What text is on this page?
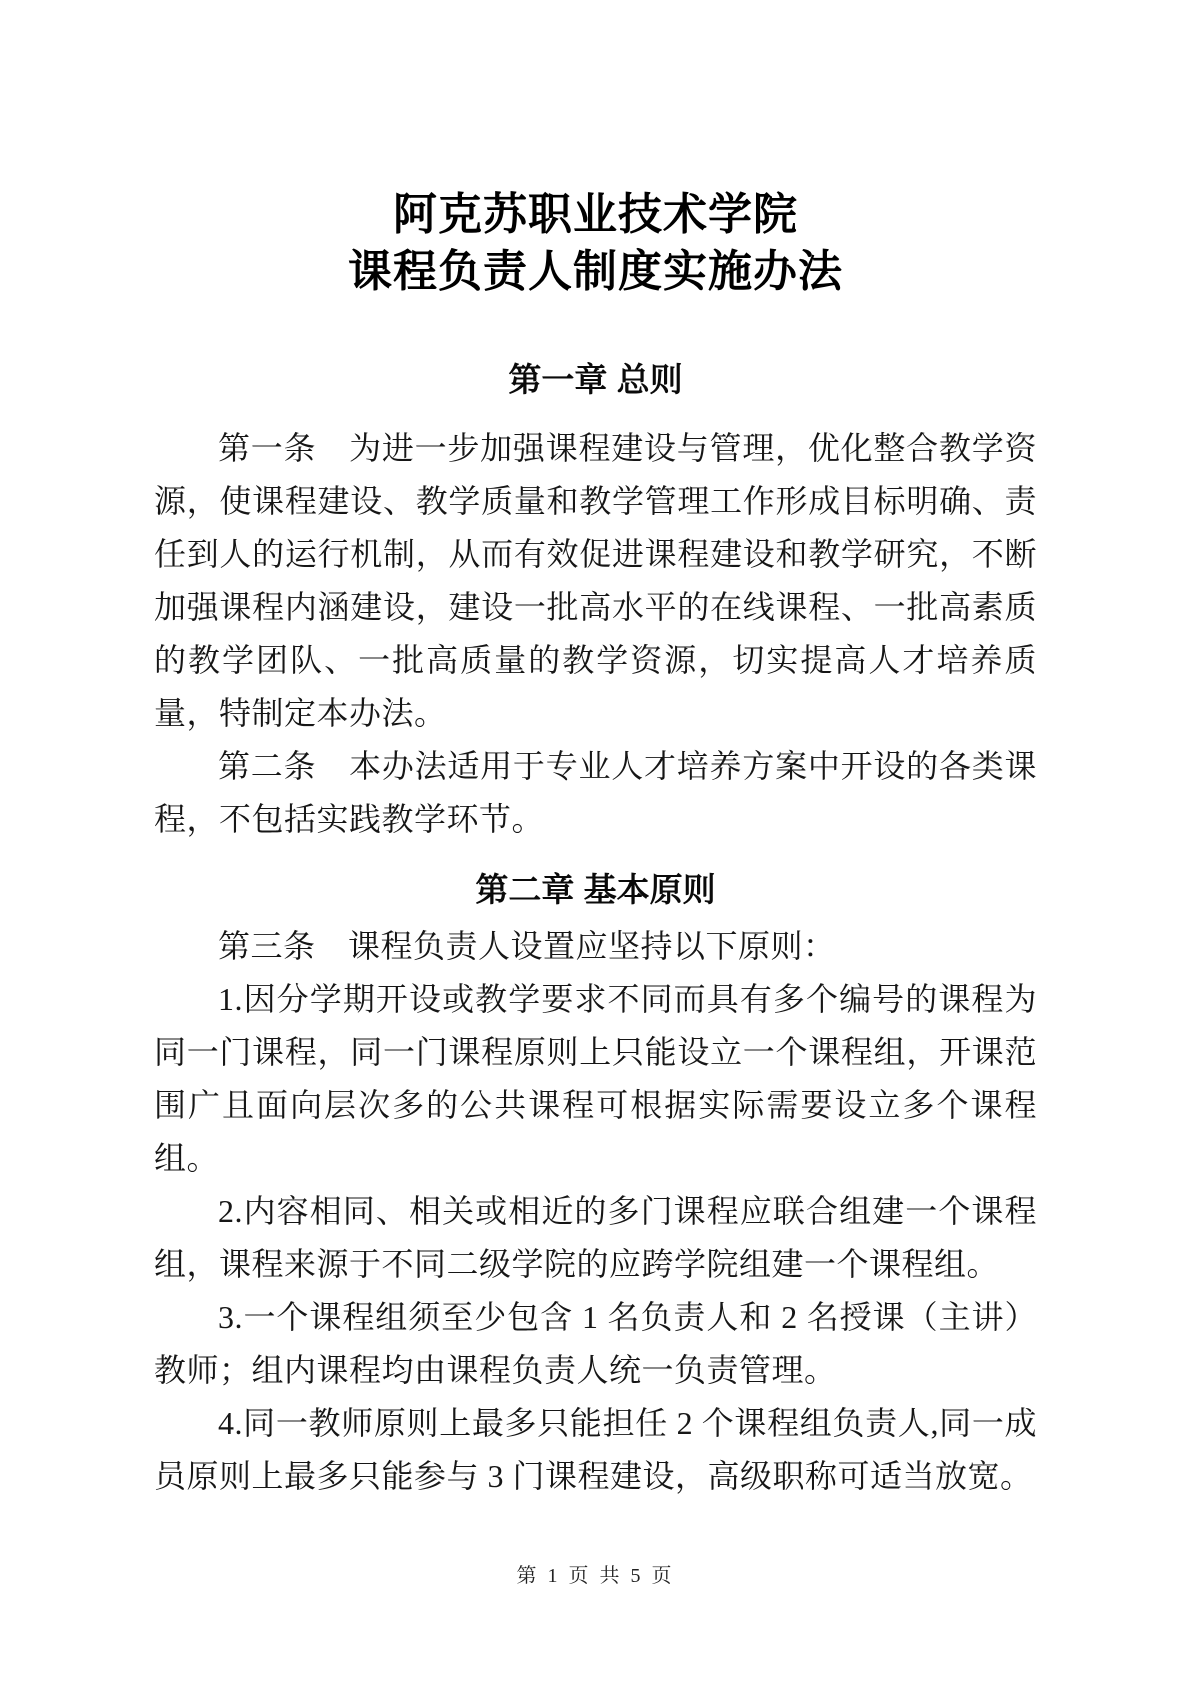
阿克苏职业技术学院
课程负责人制度实施办法
第一章 总则

第一条　为进一步加强课程建设与管理，优化整合教学资源，使课程建设、教学质量和教学管理工作形成目标明确、责任到人的运行机制，从而有效促进课程建设和教学研究，不断加强课程内涵建设，建设一批高水平的在线课程、一批高素质的教学团队、一批高质量的教学资源，切实提高人才培养质量，特制定本办法。

第二条　本办法适用于专业人才培养方案中开设的各类课程，不包括实践教学环节。

第二章 基本原则

第三条　课程负责人设置应坚持以下原则：

1.因分学期开设或教学要求不同而具有多个编号的课程为同一门课程，同一门课程原则上只能设立一个课程组，开课范围广且面向层次多的公共课程可根据实际需要设立多个课程组。

2.内容相同、相关或相近的多门课程应联合组建一个课程组，课程来源于不同二级学院的应跨学院组建一个课程组。

3.一个课程组须至少包含 1 名负责人和 2 名授课（主讲）教师；组内课程均由课程负责人统一负责管理。

4.同一教师原则上最多只能担任 2 个课程组负责人,同一成员原则上最多只能参与 3 门课程建设，高级职称可适当放宽。

第 1 页 共 5 页
